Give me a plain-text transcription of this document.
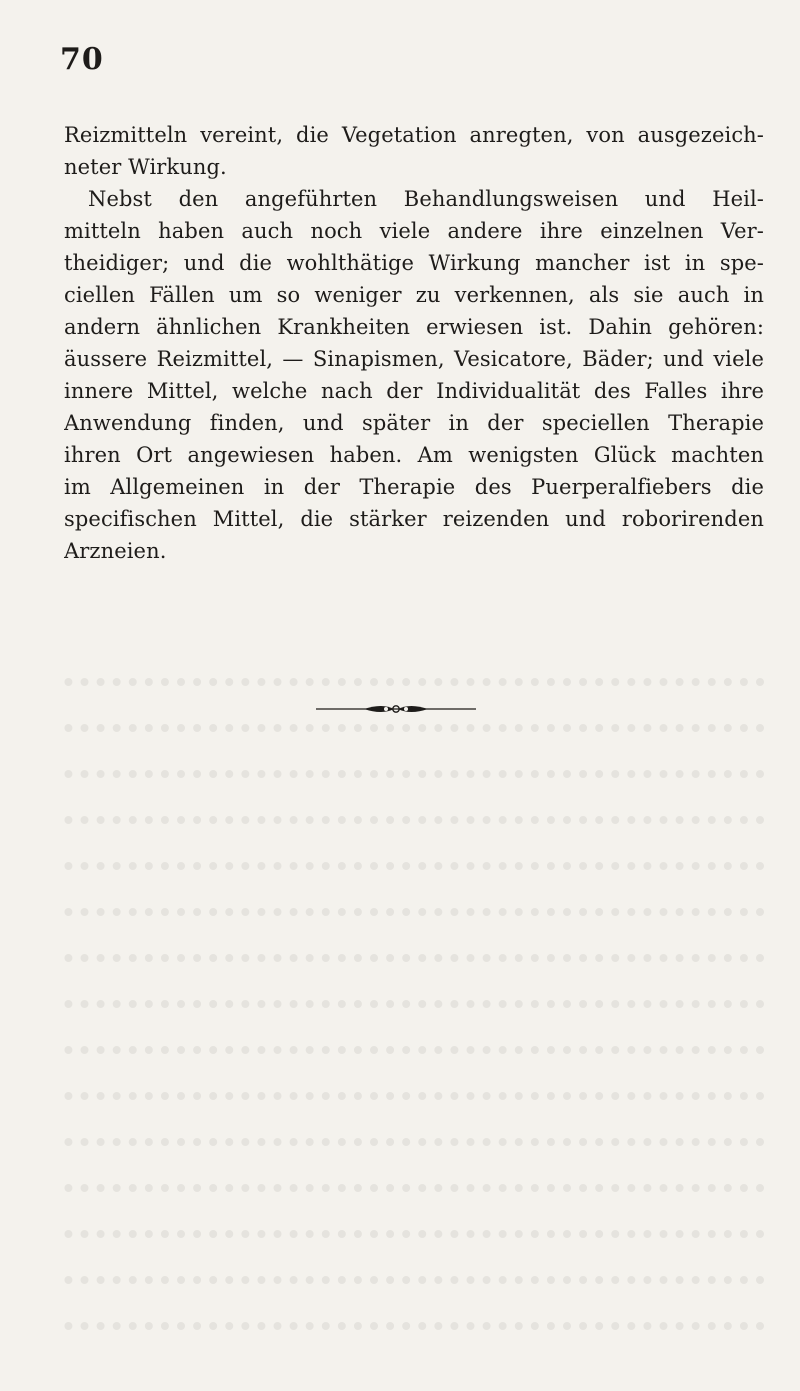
70
Reizmitteln vereint, die Vegetation anregten, von ausgezeich-
neter Wirkung.
Nebst den angeführten Behandlungsweisen und Heil-
mitteln haben auch noch viele andere ihre einzelnen Ver-
theidiger; und die wohlthätige Wirkung mancher ist in spe-
ciellen Fällen um so weniger zu verkennen, als sie auch in
andern ähnlichen Krankheiten erwiesen ist. Dahin gehören:
äussere Reizmittel, — Sinapismen, Vesicatore, Bäder; und viele
innere Mittel, welche nach der Individualität des Falles ihre
Anwendung finden, und später in der speciellen Therapie
ihren Ort angewiesen haben. Am wenigsten Glück machten
im Allgemeinen in der Therapie des Puerperalfiebers die
specifischen Mittel, die stärker reizenden und roborirenden
Arzneien.
